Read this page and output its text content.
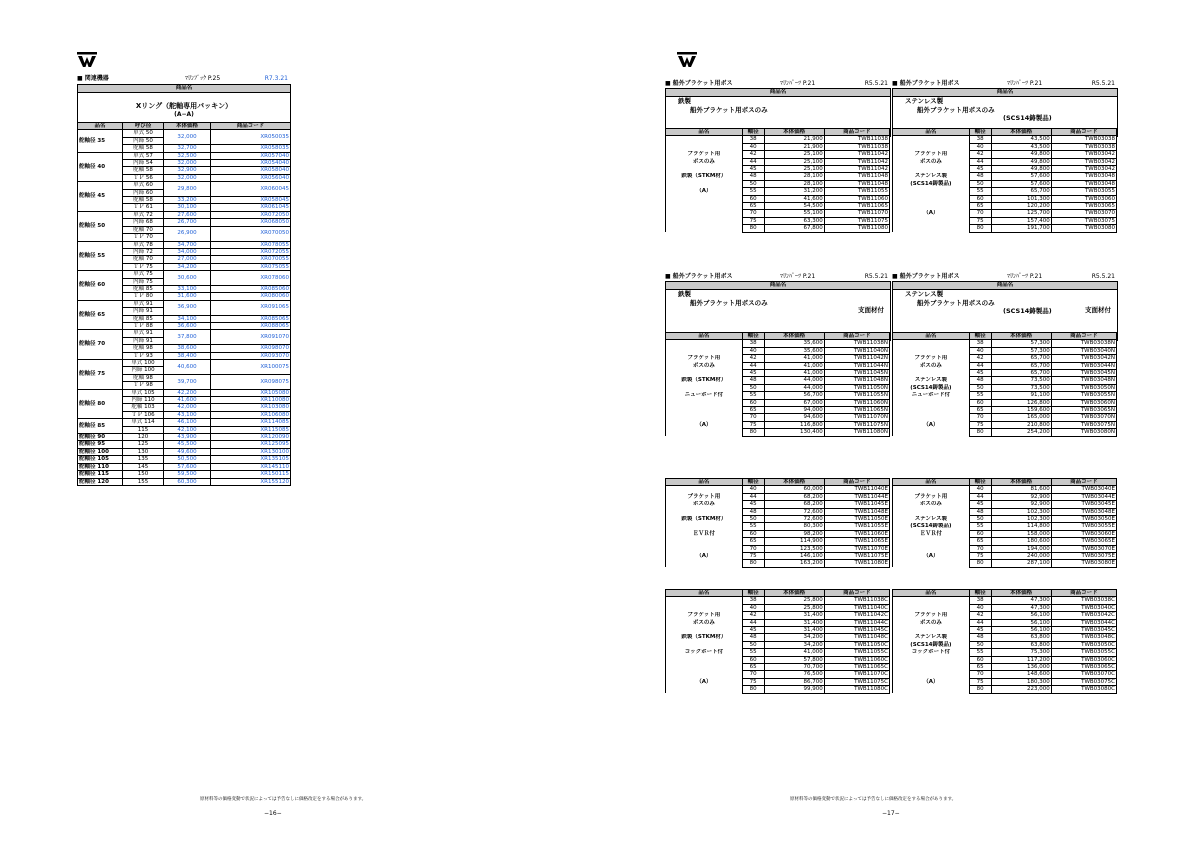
■ 関連機器	ﾏﾘﾝﾌﾞｯｸ P.25	R7.3.21
商品名
Xリング（舵軸専用パッキン）
(A−A)
品名	呼び径	本体価格	商品コード
舵軸径 35	単式 50	32,000	XR050035
	内締 50		
	舵軸 58	32,700	XR058035
舵軸径 40	単式 57	32,500	XR057040
	内締 54	32,000	XR054040
	舵軸 58	32,900	XR058040
	ＴＰ 56	32,000	XR056040
舵軸径 45	単式 60	29,800	XR060045
	内締 60		
	舵軸 58	33,200	XR058045
	ＴＰ 61	30,100	XR061045
舵軸径 50	単式 72	27,600	XR072050
	内締 68	26,700	XR068050
	舵軸 70	26,900	XR070050
	ＴＰ 70		
舵軸径 55	単式 78	34,700	XR078055
	内締 72	34,000	XR072055
	舵軸 70	27,000	XR070055
	ＴＰ 75	34,200	XR075055
舵軸径 60	単式 75	30,600	XR078060
	内締 75		
	舵軸 85	33,100	XR085060
	ＴＰ 80	31,600	XR080060
舵軸径 65	単式 91	36,900	XR091065
	内締 91		
	舵軸 85	34,100	XR085065
	ＴＰ 88	36,600	XR088065
舵軸径 70	単式 91	37,800	XR091070
	内締 91		
	舵軸 98	38,600	XR098070
	ＴＰ 93	38,400	XR093070
舵軸径 75	単式 100	40,600	XR100075
	内締 100		
	舵軸 98	39,700	XR098075
	ＴＰ 98		
舵軸径 80	単式 105	42,200	XR105080
	内締 110	41,600	XR110080
	舵軸 103	42,000	XR103080
	ＴＰ 106	43,100	XR106080
舵軸径 85	単式 114	46,100	XR114085
	115	42,100	XR115085
舵軸径 90	120	43,900	XR120090
舵軸径 95	125	45,500	XR125095
舵軸径 100	130	49,600	XR130100
舵軸径 105	135	50,500	XR135105
舵軸径 110	145	57,600	XR145110
舵軸径 115	150	59,500	XR150115
舵軸径 120	155	60,300	XR155120
原材料等の価格変動で状況によっては予告なしに価格改定をする場合があります。
−16−
■ 船外ブラケット用ボス	ﾏﾘﾝﾊﾟｰﾂ P.21	R5.5.21
商品名
鉄製
船外ブラケット用ボスのみ
品名	軸径	本体価格	商品コード
	38	21,900	TWB11038
	40	21,900	TWB11038
ブラケット用	42	25,100	TWB11042
ボスのみ	44	25,100	TWB11042
	45	25,100	TWB11042
鉄製（STKM材）	48	28,100	TWB11048
	50	28,100	TWB11048
（A）	55	31,200	TWB11055
	60	41,600	TWB11060
	65	54,500	TWB11065
	70	55,100	TWB11070
	75	63,300	TWB11075
	80	67,800	TWB11080
■ 船外ブラケット用ボス	ﾏﾘﾝﾊﾟｰﾂ P.21	R5.5.21
商品名
ステンレス製
船外ブラケット用ボスのみ
(SCS14鋳製品)
品名	軸径	本体価格	商品コード
	38	43,500	TWB03038
	40	43,500	TWB03038
ブラケット用	42	49,800	TWB03042
ボスのみ	44	49,800	TWB03042
	45	49,800	TWB03042
ステンレス製	48	57,600	TWB03048
(SCS14鋳製品)	50	57,600	TWB03048
	55	65,700	TWB03055
	60	101,300	TWB03060
	65	120,200	TWB03065
（A）	70	125,700	TWB03070
	75	157,400	TWB03075
	80	191,700	TWB03080
■ 船外ブラケット用ボス	ﾏﾘﾝﾊﾟｰﾂ P.21	R5.5.21
商品名
鉄製
船外ブラケット用ボスのみ
支面材付
品名	軸径	本体価格	商品コード
	38	35,600	TWB11038N
	40	35,600	TWB11040N
ブラケット用	42	41,000	TWB11042N
ボスのみ	44	41,000	TWB11044N
	45	41,000	TWB11045N
鉄製（STKM材）	48	44,000	TWB11048N
	50	44,000	TWB11050N
ニューボード付	55	56,700	TWB11055N
	60	67,000	TWB11060N
	65	94,000	TWB11065N
	70	94,600	TWB11070N
（A）	75	116,800	TWB11075N
	80	130,400	TWB11080N
品名	軸径	本体価格	商品コード
	40	60,000	TWB11040E
ブラケット用	44	68,200	TWB11044E
ボスのみ	45	68,200	TWB11045E
	48	72,600	TWB11048E
鉄製（STKM材）	50	72,600	TWB11050E
	55	80,300	TWB11055E
ＥＶＲ付	60	98,200	TWB11060E
	65	114,900	TWB11065E
	70	123,500	TWB11070E
（A）	75	146,100	TWB11075E
	80	163,200	TWB11080E
品名	軸径	本体価格	商品コード
	38	25,800	TWB11038C
	40	25,800	TWB11040C
ブラケット用	42	31,400	TWB11042C
ボスのみ	44	31,400	TWB11044C
	45	31,400	TWB11045C
鉄製（STKM材）	48	34,200	TWB11048C
	50	34,200	TWB11050C
コックボート付	55	41,000	TWB11055C
	60	57,800	TWB11060C
	65	70,700	TWB11065C
	70	76,500	TWB11070C
（A）	75	86,700	TWB11075C
	80	99,900	TWB11080C
■ 船外ブラケット用ボス	ﾏﾘﾝﾊﾟｰﾂ P.21	R5.5.21
商品名
ステンレス製
船外ブラケット用ボスのみ
(SCS14鋳製品)	支面材付
品名	軸径	本体価格	商品コード
	38	57,300	TWB03038N
	40	57,300	TWB03040N
ブラケット用	42	65,700	TWB03042N
ボスのみ	44	65,700	TWB03044N
	45	65,700	TWB03045N
ステンレス製	48	73,500	TWB03048N
(SCS14鋳製品)	50	73,500	TWB03050N
ニューボード付	55	91,100	TWB03055N
	60	126,800	TWB03060N
	65	159,600	TWB03065N
	70	165,000	TWB03070N
（A）	75	210,800	TWB03075N
	80	254,200	TWB03080N
品名	軸径	本体価格	商品コード
	40	81,600	TWB03040E
ブラケット用	44	92,900	TWB03044E
ボスのみ	45	92,900	TWB03045E
	48	102,300	TWB03048E
ステンレス製	50	102,300	TWB03050E
(SCS14鋳製品)	55	114,800	TWB03055E
ＥＶＲ付	60	158,000	TWB03060E
	65	180,600	TWB03065E
	70	194,000	TWB03070E
（A）	75	240,000	TWB03075E
	80	287,100	TWB03080E
品名	軸径	本体価格	商品コード
	38	47,300	TWB03038C
	40	47,300	TWB03040C
ブラケット用	42	56,100	TWB03042C
ボスのみ	44	56,100	TWB03044C
	45	56,100	TWB03045C
ステンレス製	48	63,800	TWB03048C
(SCS14鋳製品)	50	63,800	TWB03050C
コックボート付	55	75,300	TWB03055C
	60	117,200	TWB03060C
	65	136,000	TWB03065C
	70	148,600	TWB03070C
（A）	75	180,300	TWB03075C
	80	223,000	TWB03080C
原材料等の価格変動で状況によっては予告なしに価格改定をする場合があります。
−17−
